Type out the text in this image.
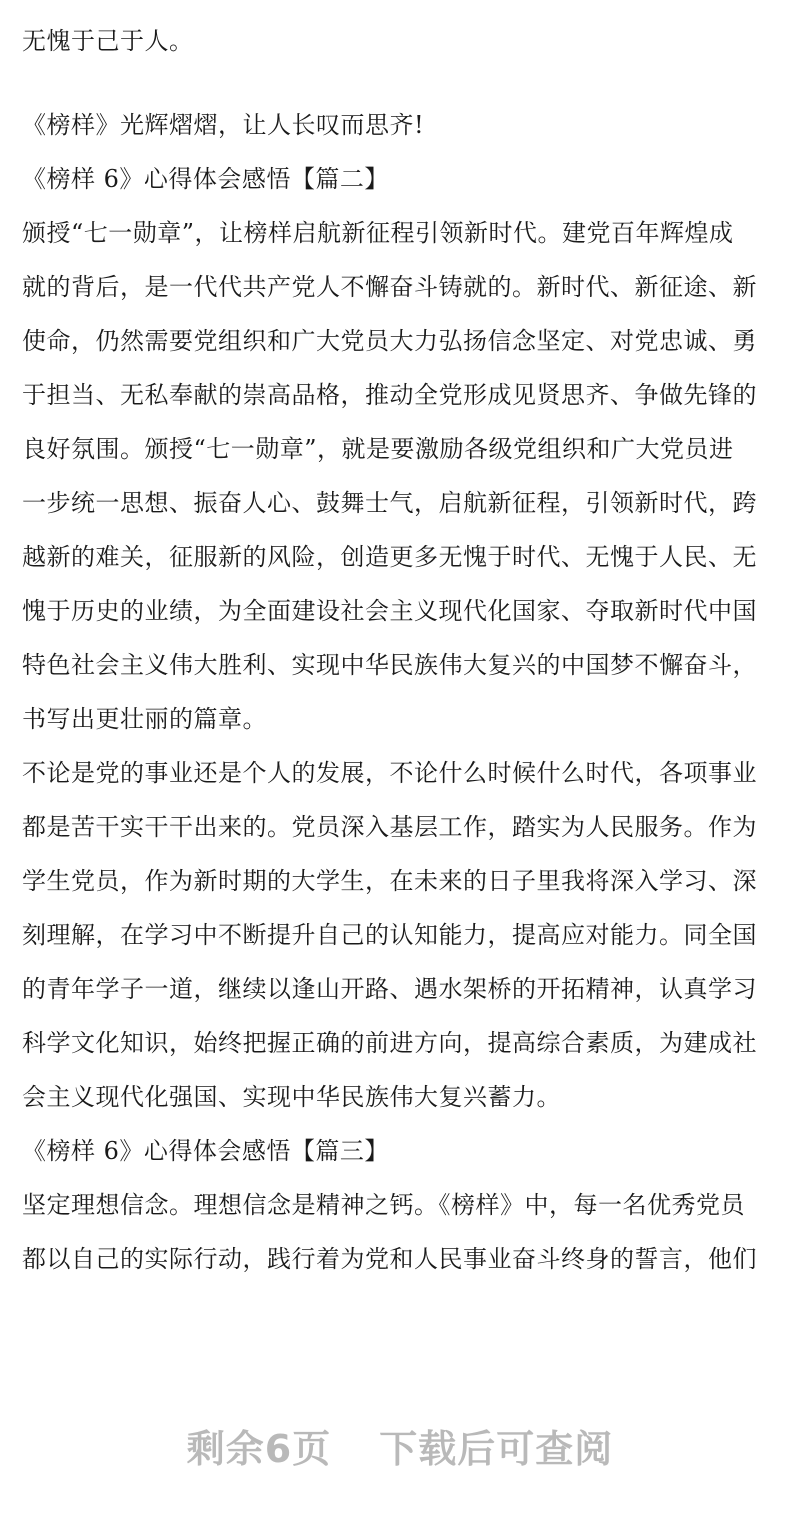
无愧于己于人。
《榜样》光辉熠熠，让人长叹而思齐!
《榜样 6》心得体会感悟【篇二】
颁授“七一勋章”，让榜样启航新征程引领新时代。建党百年辉煌成
就的背后，是一代代共产党人不懈奋斗铸就的。新时代、新征途、新
使命，仍然需要党组织和广大党员大力弘扬信念坚定、对党忠诚、勇
于担当、无私奉献的崇高品格，推动全党形成见贤思齐、争做先锋的
良好氛围。颁授“七一勋章”，就是要激励各级党组织和广大党员进
一步统一思想、振奋人心、鼓舞士气，启航新征程，引领新时代，跨
越新的难关，征服新的风险，创造更多无愧于时代、无愧于人民、无
愧于历史的业绩，为全面建设社会主义现代化国家、夺取新时代中国
特色社会主义伟大胜利、实现中华民族伟大复兴的中国梦不懈奋斗，
书写出更壮丽的篇章。
不论是党的事业还是个人的发展，不论什么时候什么时代，各项事业
都是苦干实干干出来的。党员深入基层工作，踏实为人民服务。作为
学生党员，作为新时期的大学生，在未来的日子里我将深入学习、深
刻理解，在学习中不断提升自己的认知能力，提高应对能力。同全国
的青年学子一道，继续以逢山开路、遇水架桥的开拓精神，认真学习
科学文化知识，始终把握正确的前进方向，提高综合素质，为建成社
会主义现代化强国、实现中华民族伟大复兴蓄力。
《榜样 6》心得体会感悟【篇三】
坚定理想信念。理想信念是精神之钙。《榜样》中，每一名优秀党员
都以自己的实际行动，践行着为党和人民事业奋斗终身的誓言，他们
剩余6页 下载后可查阅
